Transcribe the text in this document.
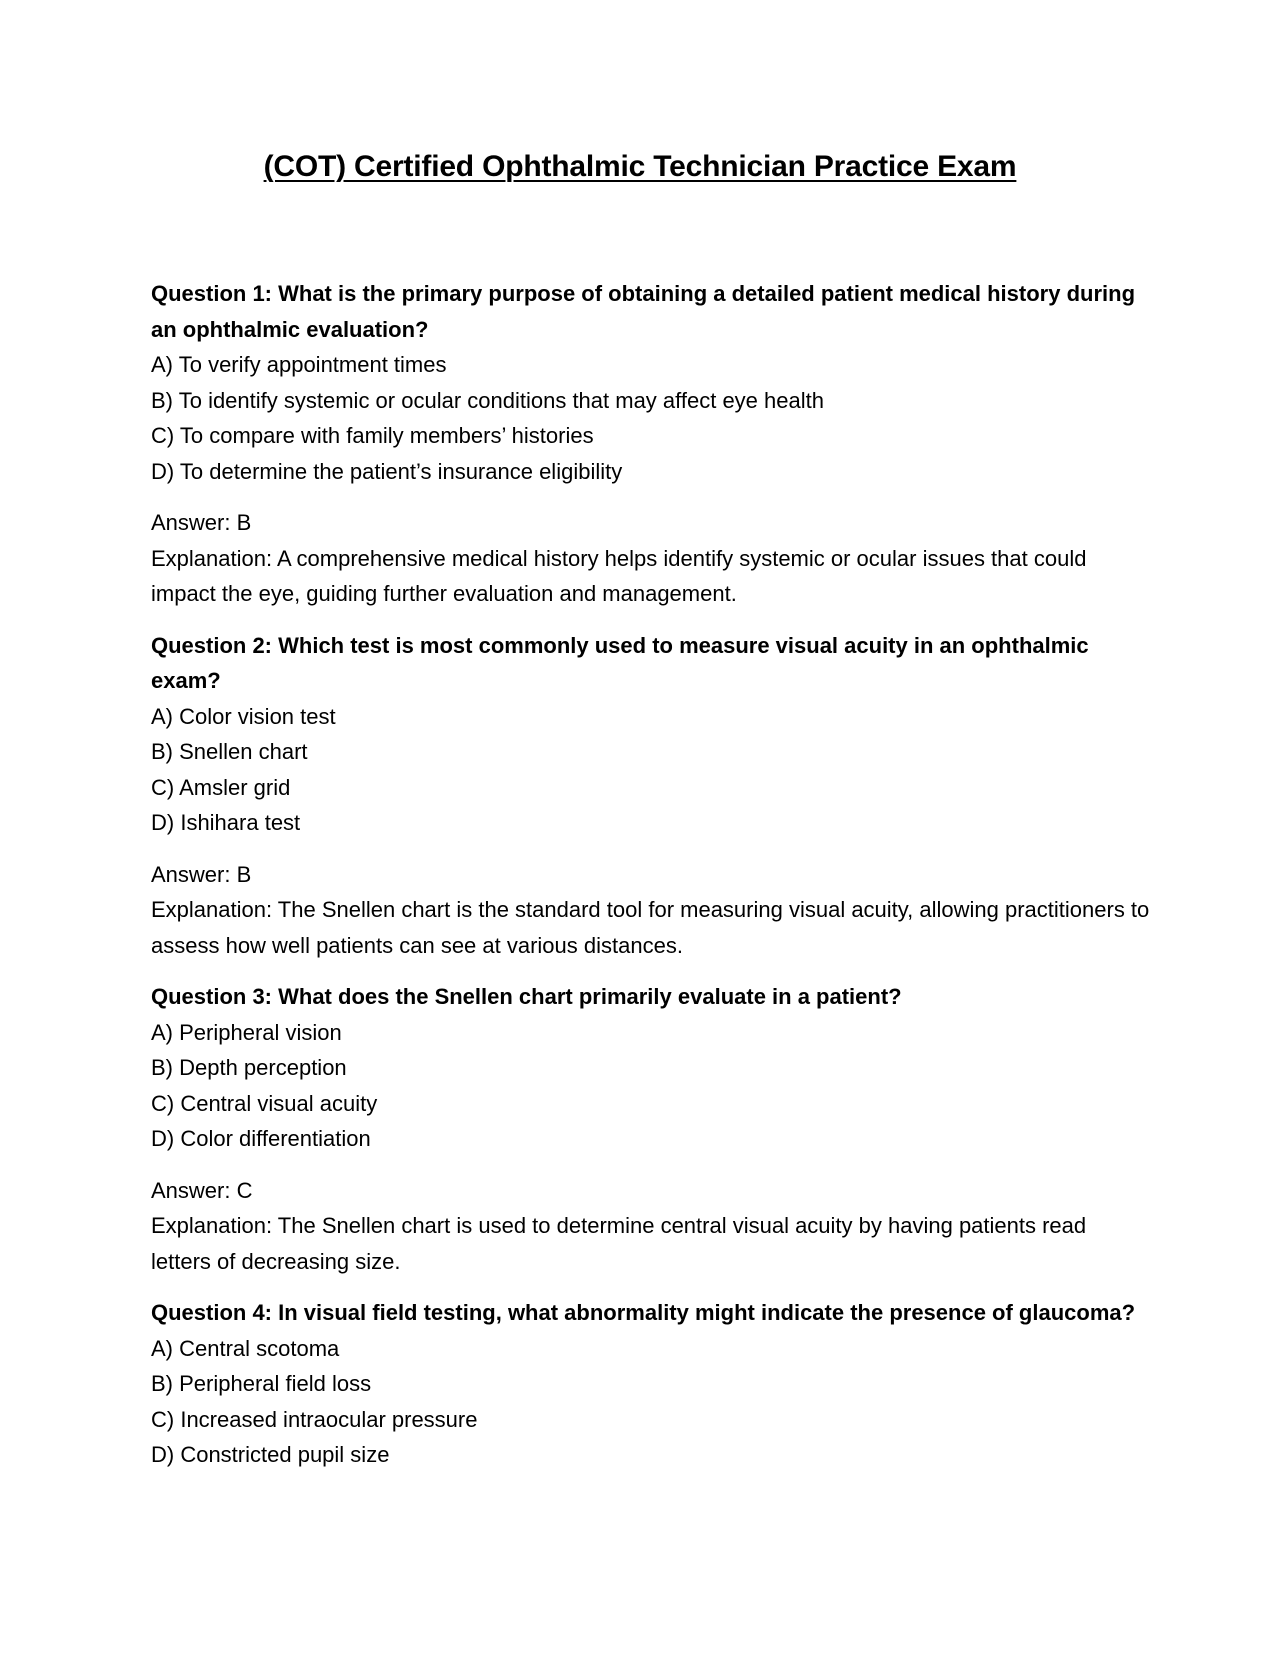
(COT) Certified Ophthalmic Technician Practice Exam

Question 1: What is the primary purpose of obtaining a detailed patient medical history during an ophthalmic evaluation?

A) To verify appointment times
B) To identify systemic or ocular conditions that may affect eye health
C) To compare with family members’ histories
D) To determine the patient’s insurance eligibility

Answer: B

Explanation: A comprehensive medical history helps identify systemic or ocular issues that could impact the eye, guiding further evaluation and management.

Question 2: Which test is most commonly used to measure visual acuity in an ophthalmic exam?

A) Color vision test
B) Snellen chart
C) Amsler grid
D) Ishihara test

Answer: B

Explanation: The Snellen chart is the standard tool for measuring visual acuity, allowing practitioners to assess how well patients can see at various distances.

Question 3: What does the Snellen chart primarily evaluate in a patient?

A) Peripheral vision
B) Depth perception
C) Central visual acuity
D) Color differentiation

Answer: C

Explanation: The Snellen chart is used to determine central visual acuity by having patients read letters of decreasing size.

Question 4: In visual field testing, what abnormality might indicate the presence of glaucoma?

A) Central scotoma
B) Peripheral field loss
C) Increased intraocular pressure
D) Constricted pupil size
